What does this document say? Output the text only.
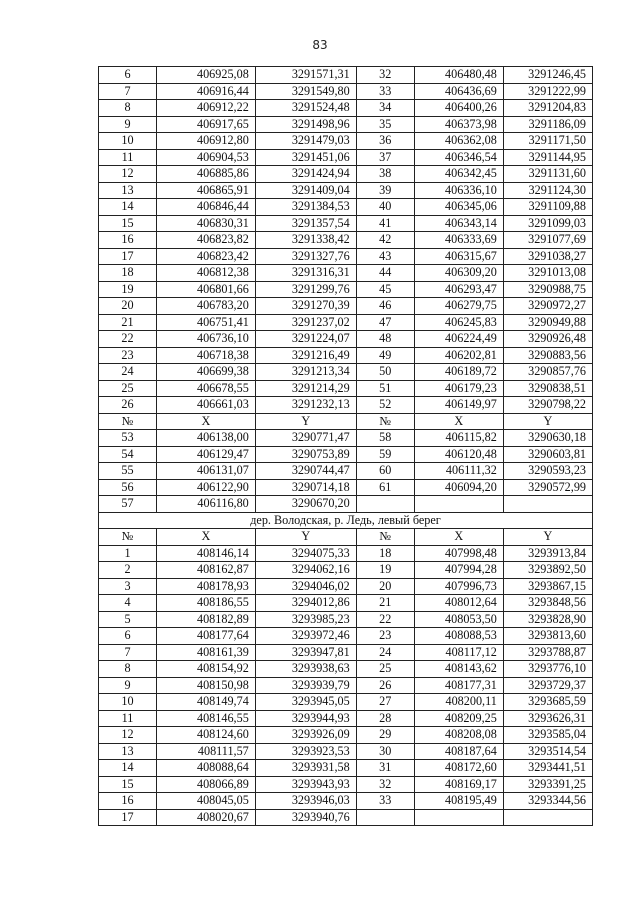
83
6	406925,08	3291571,31	32	406480,48	3291246,45
7	406916,44	3291549,80	33	406436,69	3291222,99
8	406912,22	3291524,48	34	406400,26	3291204,83
9	406917,65	3291498,96	35	406373,98	3291186,09
10	406912,80	3291479,03	36	406362,08	3291171,50
11	406904,53	3291451,06	37	406346,54	3291144,95
12	406885,86	3291424,94	38	406342,45	3291131,60
13	406865,91	3291409,04	39	406336,10	3291124,30
14	406846,44	3291384,53	40	406345,06	3291109,88
15	406830,31	3291357,54	41	406343,14	3291099,03
16	406823,82	3291338,42	42	406333,69	3291077,69
17	406823,42	3291327,76	43	406315,67	3291038,27
18	406812,38	3291316,31	44	406309,20	3291013,08
19	406801,66	3291299,76	45	406293,47	3290988,75
20	406783,20	3291270,39	46	406279,75	3290972,27
21	406751,41	3291237,02	47	406245,83	3290949,88
22	406736,10	3291224,07	48	406224,49	3290926,48
23	406718,38	3291216,49	49	406202,81	3290883,56
24	406699,38	3291213,34	50	406189,72	3290857,76
25	406678,55	3291214,29	51	406179,23	3290838,51
26	406661,03	3291232,13	52	406149,97	3290798,22
№	X	Y	№	X	Y
53	406138,00	3290771,47	58	406115,82	3290630,18
54	406129,47	3290753,89	59	406120,48	3290603,81
55	406131,07	3290744,47	60	406111,32	3290593,23
56	406122,90	3290714,18	61	406094,20	3290572,99
57	406116,80	3290670,20			
дер. Володская, р. Ледь, левый берег					
№	X	Y	№	X	Y
1	408146,14	3294075,33	18	407998,48	3293913,84
2	408162,87	3294062,16	19	407994,28	3293892,50
3	408178,93	3294046,02	20	407996,73	3293867,15
4	408186,55	3294012,86	21	408012,64	3293848,56
5	408182,89	3293985,23	22	408053,50	3293828,90
6	408177,64	3293972,46	23	408088,53	3293813,60
7	408161,39	3293947,81	24	408117,12	3293788,87
8	408154,92	3293938,63	25	408143,62	3293776,10
9	408150,98	3293939,79	26	408177,31	3293729,37
10	408149,74	3293945,05	27	408200,11	3293685,59
11	408146,55	3293944,93	28	408209,25	3293626,31
12	408124,60	3293926,09	29	408208,08	3293585,04
13	408111,57	3293923,53	30	408187,64	3293514,54
14	408088,64	3293931,58	31	408172,60	3293441,51
15	408066,89	3293943,93	32	408169,17	3293391,25
16	408045,05	3293946,03	33	408195,49	3293344,56
17	408020,67	3293940,76			
